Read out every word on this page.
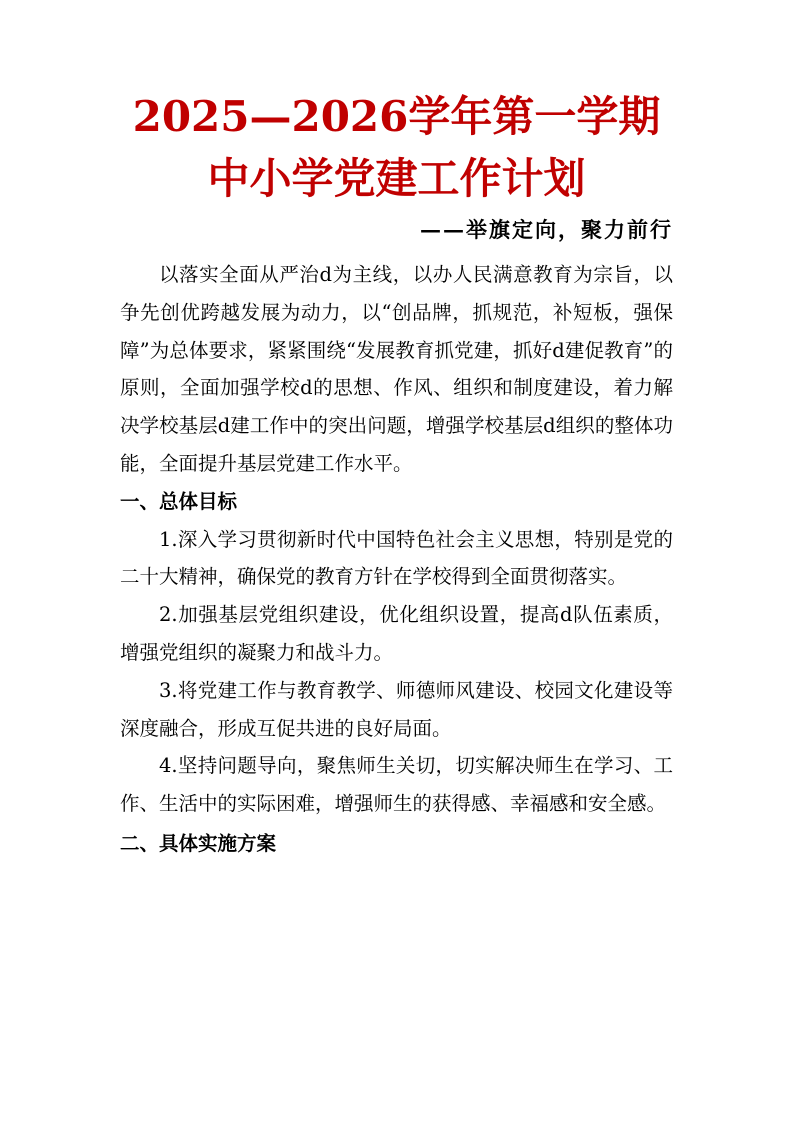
2025—2026学年第一学期
中小学党建工作计划

——举旗定向，聚力前行

以落实全面从严治d为主线，以办人民满意教育为宗旨，以争先创优跨越发展为动力，以“创品牌，抓规范，补短板，强保障”为总体要求，紧紧围绕“发展教育抓党建，抓好d建促教育”的原则，全面加强学校d的思想、作风、组织和制度建设，着力解决学校基层d建工作中的突出问题，增强学校基层d组织的整体功能，全面提升基层党建工作水平。

一、总体目标

1.深入学习贯彻新时代中国特色社会主义思想，特别是党的二十大精神，确保党的教育方针在学校得到全面贯彻落实。

2.加强基层党组织建设，优化组织设置，提高d队伍素质，增强党组织的凝聚力和战斗力。

3.将党建工作与教育教学、师德师风建设、校园文化建设等深度融合，形成互促共进的良好局面。

4.坚持问题导向，聚焦师生关切，切实解决师生在学习、工作、生活中的实际困难，增强师生的获得感、幸福感和安全感。

二、具体实施方案
